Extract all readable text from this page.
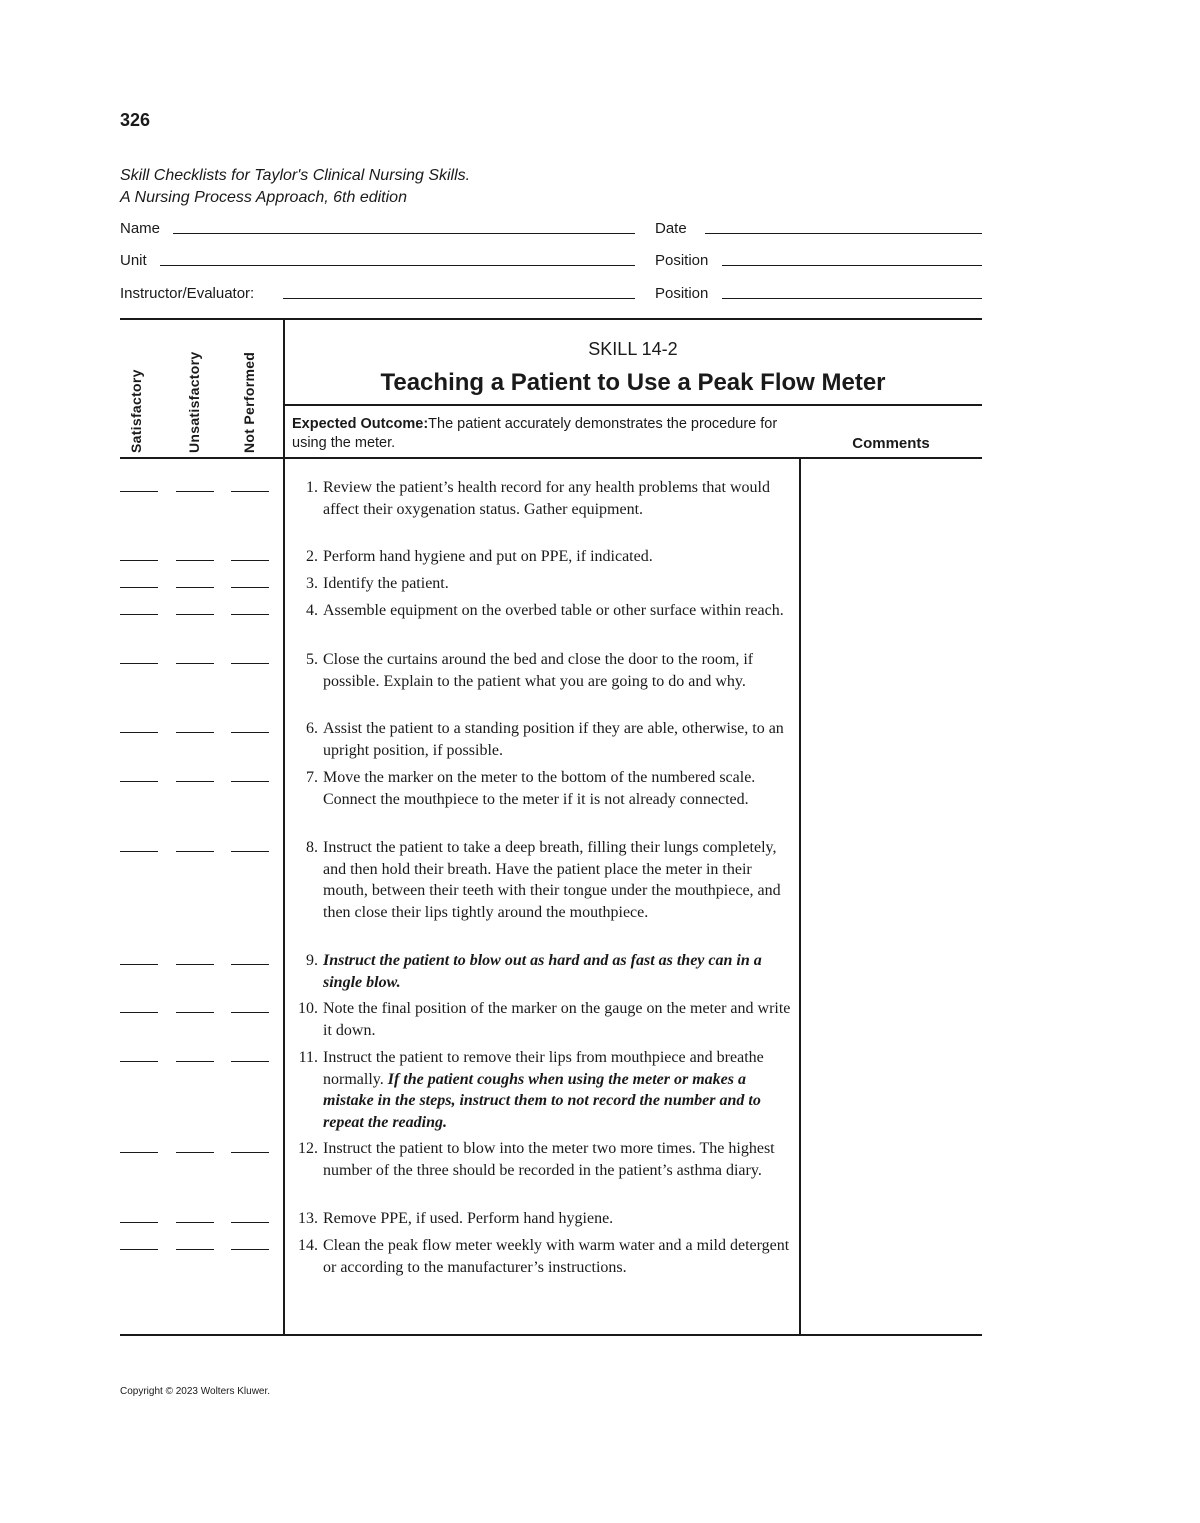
326
Skill Checklists for Taylor's Clinical Nursing Skills.
A Nursing Process Approach, 6th edition
Name	Date
Unit	Position
Instructor/Evaluator:	Position
Satisfactory	Unsatisfactory	Not Performed
SKILL 14-2
Teaching a Patient to Use a Peak Flow Meter
Expected Outcome:The patient accurately demonstrates the procedure for using the meter.	Comments
1. Review the patient’s health record for any health problems that would affect their oxygenation status. Gather equipment.
2. Perform hand hygiene and put on PPE, if indicated.
3. Identify the patient.
4. Assemble equipment on the overbed table or other surface within reach.
5. Close the curtains around the bed and close the door to the room, if possible. Explain to the patient what you are going to do and why.
6. Assist the patient to a standing position if they are able, otherwise, to an upright position, if possible.
7. Move the marker on the meter to the bottom of the numbered scale. Connect the mouthpiece to the meter if it is not already connected.
8. Instruct the patient to take a deep breath, filling their lungs completely, and then hold their breath. Have the patient place the meter in their mouth, between their teeth with their tongue under the mouthpiece, and then close their lips tightly around the mouthpiece.
9. Instruct the patient to blow out as hard and as fast as they can in a single blow.
10. Note the final position of the marker on the gauge on the meter and write it down.
11. Instruct the patient to remove their lips from mouthpiece and breathe normally. If the patient coughs when using the meter or makes a mistake in the steps, instruct them to not record the number and to repeat the reading.
12. Instruct the patient to blow into the meter two more times. The highest number of the three should be recorded in the patient’s asthma diary.
13. Remove PPE, if used. Perform hand hygiene.
14. Clean the peak flow meter weekly with warm water and a mild detergent or according to the manufacturer’s instructions.
Copyright © 2023 Wolters Kluwer.
